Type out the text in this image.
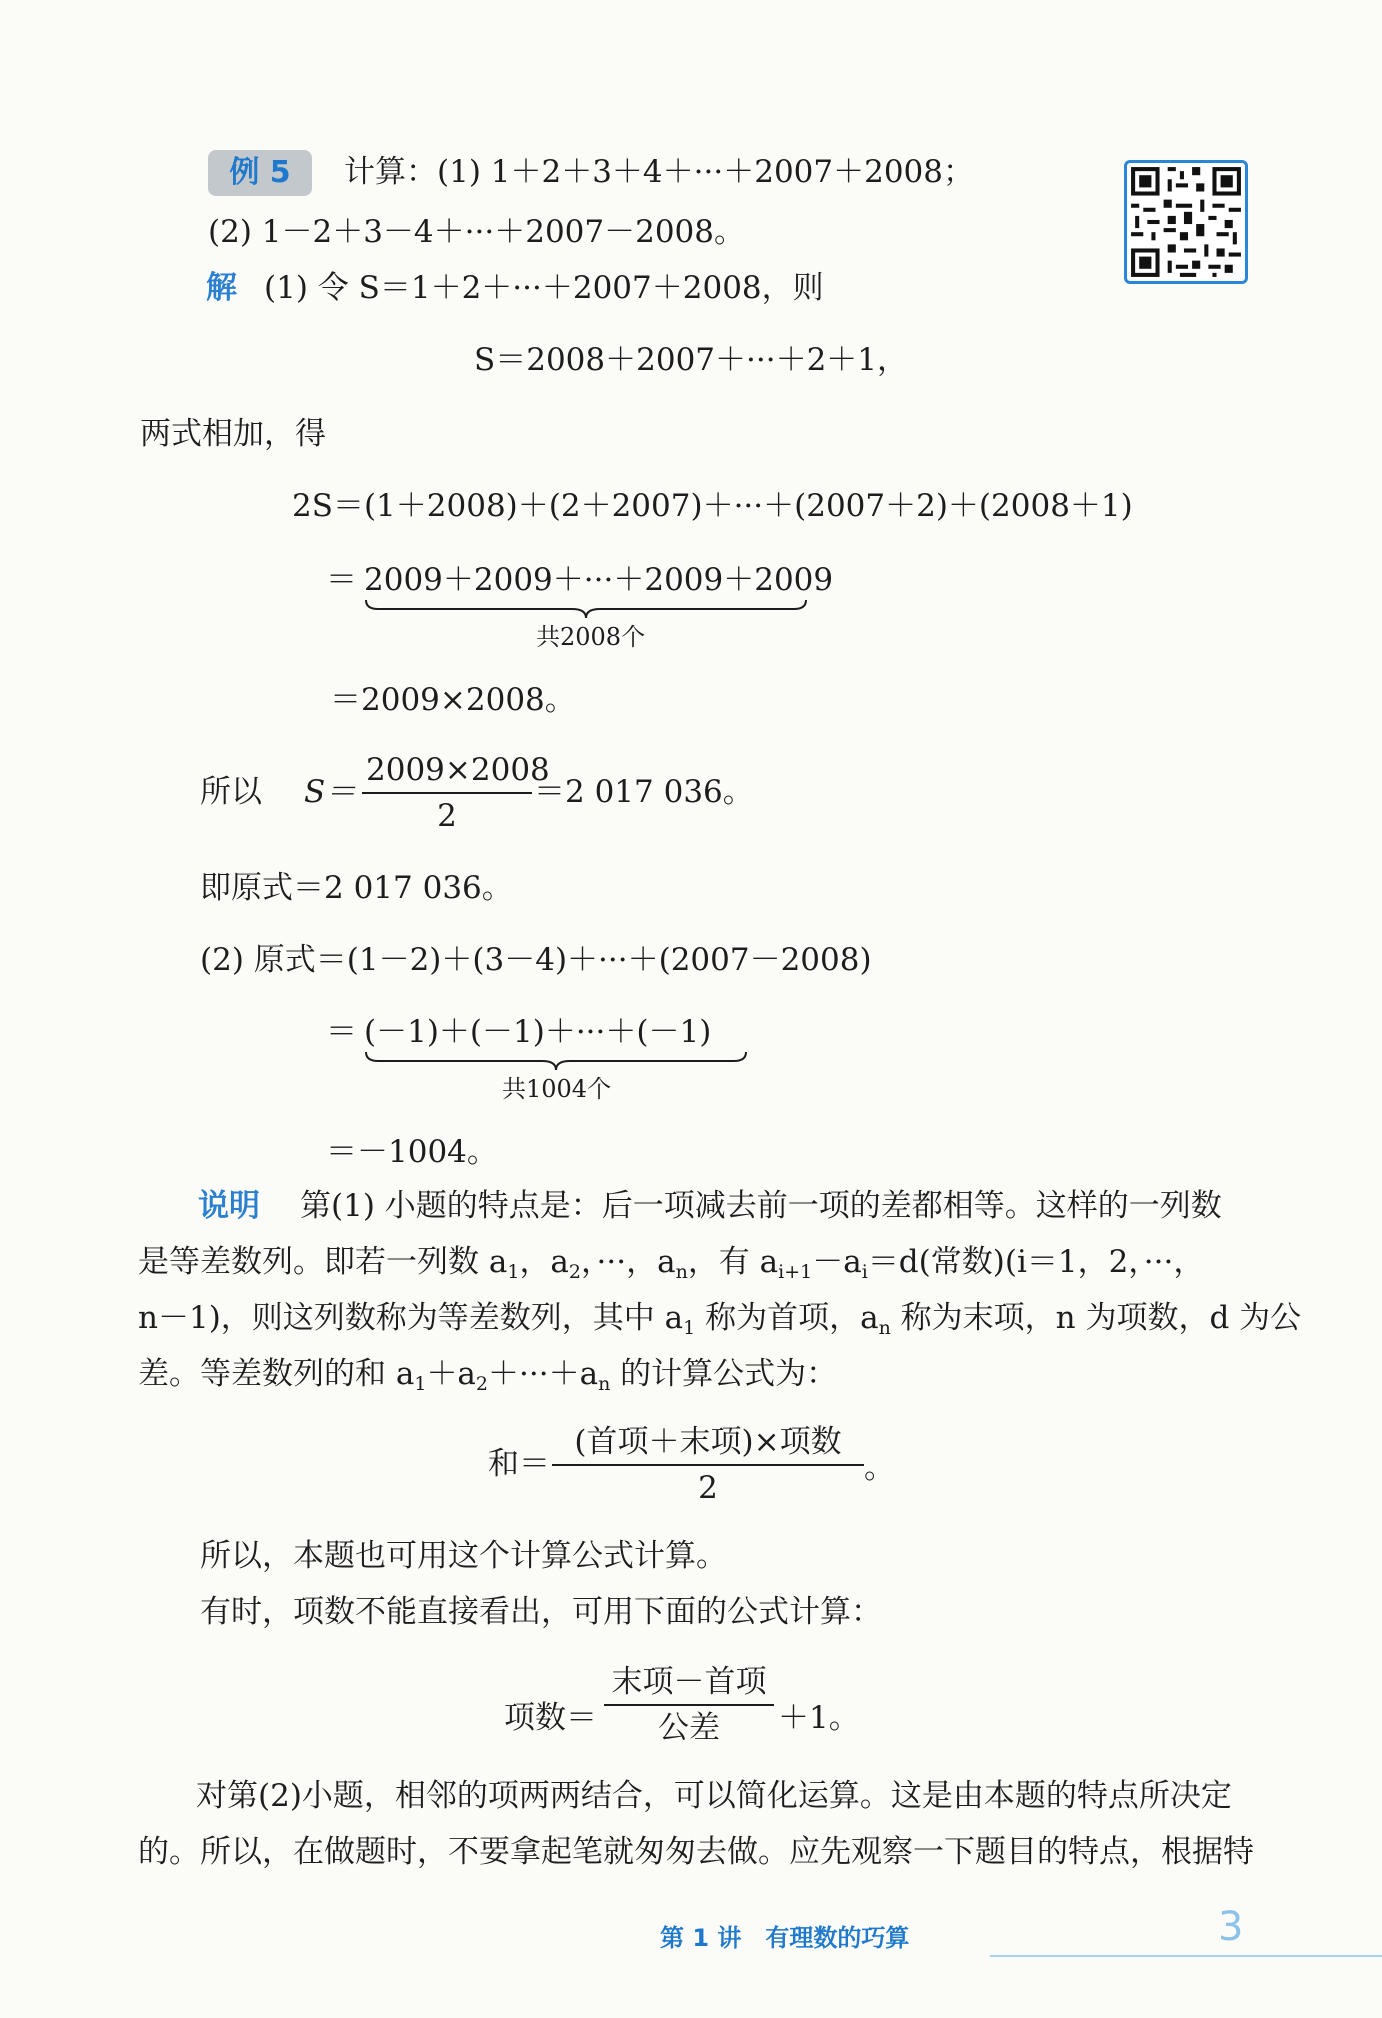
例 5	计算：(1) 1＋2＋3＋4＋···＋2007＋2008；
(2) 1－2＋3－4＋···＋2007－2008。
解 (1) 令 S＝1＋2＋···＋2007＋2008，则
S＝2008＋2007＋···＋2＋1，
两式相加，得
2S＝(1＋2008)＋(2＋2007)＋···＋(2007＋2)＋(2008＋1)
＝ 2009＋2009＋···＋2009＋2009
共2008个
＝2009×2008。
所以 S＝
2009×2008
2
＝2 017 036。
即原式＝2 017 036。
(2) 原式＝(1－2)＋(3－4)＋···＋(2007－2008)
＝ (－1)＋(－1)＋···＋(－1)
共1004个
＝－1004。
说明 第(1) 小题的特点是：后一项减去前一项的差都相等。这样的一列数
是等差数列。即若一列数 $a_1$，$a_2$，···，$a_n$，有 $a_{i+1}-a_i=d$(常数)(i＝1，2，···，
n－1)，则这列数称为等差数列，其中 $a_1$ 称为首项，$a_n$ 称为末项，n 为项数，d 为公
差。等差数列的和 $a_1+a_2+\cdot\cdot\cdot+a_n$ 的计算公式为：
和＝
(首项＋末项)×项数
2
。
所以，本题也可用这个计算公式计算。
有时，项数不能直接看出，可用下面的公式计算：
项数＝
末项－首项
公差	＋1。
对第(2)小题，相邻的项两两结合，可以简化运算。这是由本题的特点所决定
的。所以，在做题时，不要拿起笔就匆匆去做。应先观察一下题目的特点，根据特
第 1 讲　有理数的巧算	3
